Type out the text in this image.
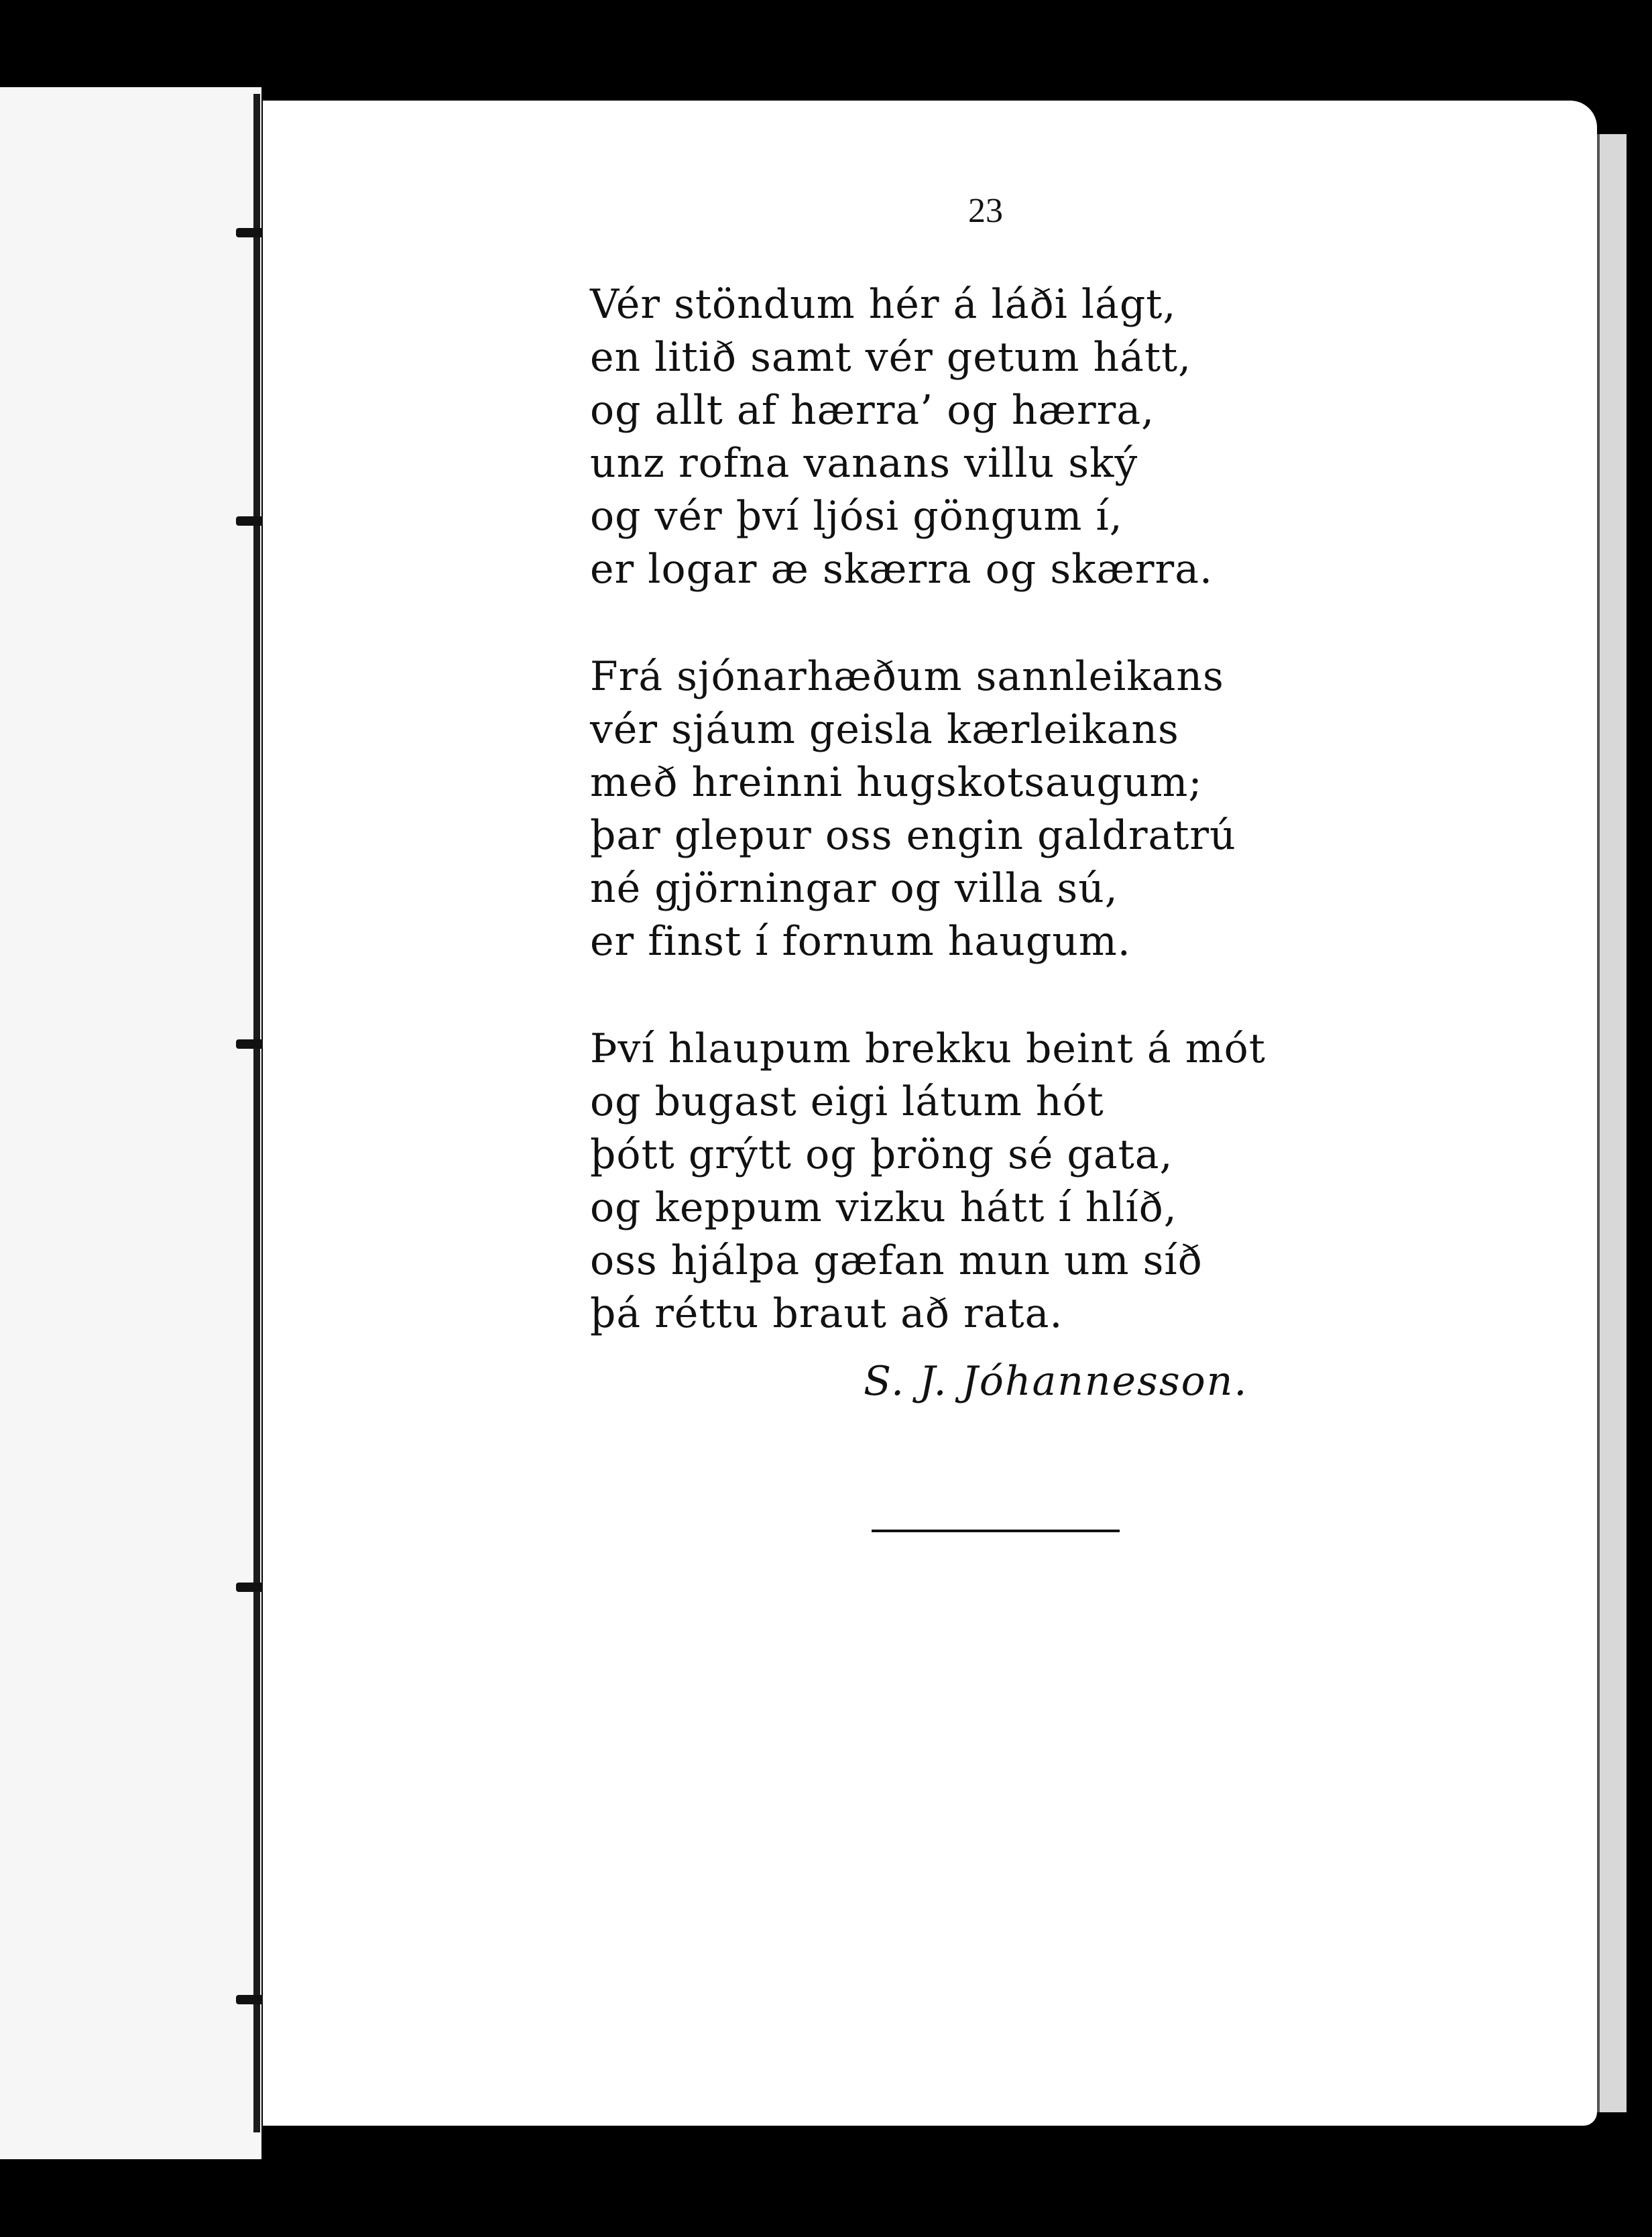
23
Vér stöndum hér á láði lágt,
en litið samt vér getum hátt,
og allt af hærra’ og hærra,
unz rofna vanans villu ský
og vér því ljósi göngum í,
er logar æ skærra og skærra.
Frá sjónarhæðum sannleikans
vér sjáum geisla kærleikans
með hreinni hugskotsaugum;
þar glepur oss engin galdratrú
né gjörningar og villa sú,
er finst í fornum haugum.
Því hlaupum brekku beint á mót
og bugast eigi látum hót
þótt grýtt og þröng sé gata,
og keppum vizku hátt í hlíð,
oss hjálpa gæfan mun um síð
þá réttu braut að rata.
S. J. Jóhannesson.
